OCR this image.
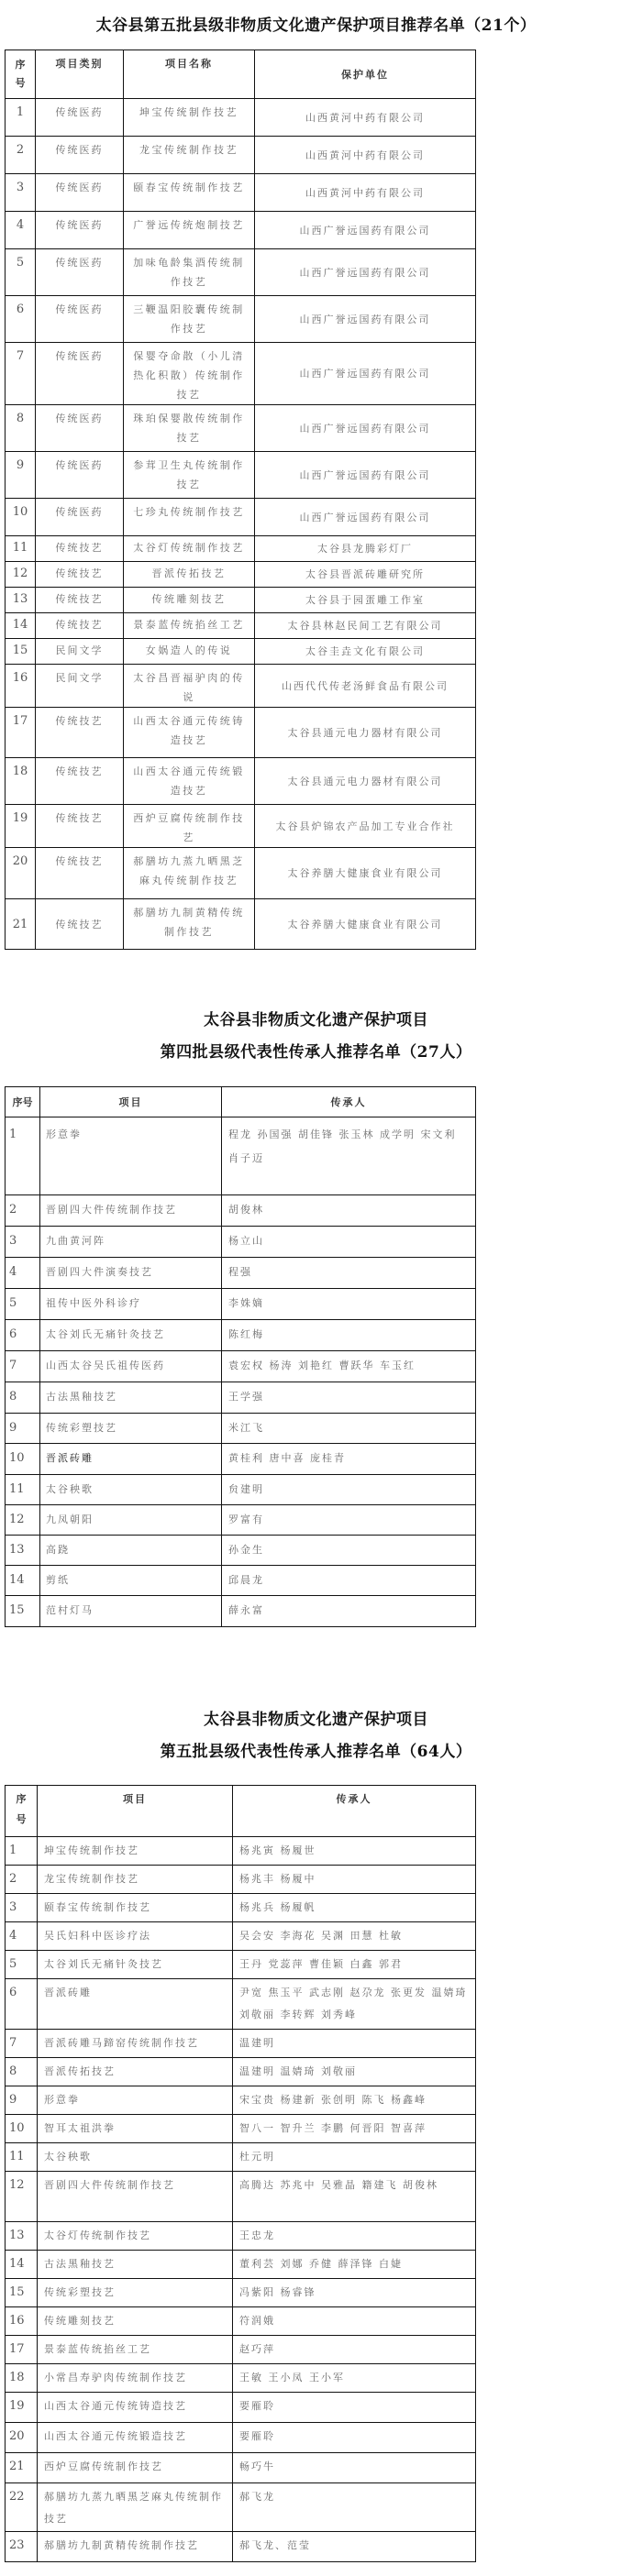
太谷县第五批县级非物质文化遗产保护项目推荐名单（21个）
序号	项目类别	项目名称	保护单位
1	传统医药	坤宝传统制作技艺	山西黄河中药有限公司
2	传统医药	龙宝传统制作技艺	山西黄河中药有限公司
3	传统医药	颐春宝传统制作技艺	山西黄河中药有限公司
4	传统医药	广誉远传统炮制技艺	山西广誉远国药有限公司
5	传统医药	加味龟龄集酒传统制作技艺	山西广誉远国药有限公司
6	传统医药	三鞭温阳胶囊传统制作技艺	山西广誉远国药有限公司
7	传统医药	保婴夺命散（小儿清热化积散）传统制作技艺	山西广誉远国药有限公司
8	传统医药	珠珀保婴散传统制作技艺	山西广誉远国药有限公司
9	传统医药	参茸卫生丸传统制作技艺	山西广誉远国药有限公司
10	传统医药	七珍丸传统制作技艺	山西广誉远国药有限公司
11	传统技艺	太谷灯传统制作技艺	太谷县龙腾彩灯厂
12	传统技艺	晋派传拓技艺	太谷县晋派砖雕研究所
13	传统技艺	传统雕刻技艺	太谷县于园蛋雕工作室
14	传统技艺	景泰蓝传统掐丝工艺	太谷县林赵民间工艺有限公司
15	民间文学	女娲造人的传说	太谷圭垚文化有限公司
16	民间文学	太谷昌晋福驴肉的传说	山西代代传老汤鲜食品有限公司
17	传统技艺	山西太谷通元传统铸造技艺	太谷县通元电力器材有限公司
18	传统技艺	山西太谷通元传统锻造技艺	太谷县通元电力器材有限公司
19	传统技艺	西炉豆腐传统制作技艺	太谷县炉锦农产品加工专业合作社
20	传统技艺	郝膳坊九蒸九晒黑芝麻丸传统制作技艺	太谷养膳大健康食业有限公司
21	传统技艺	郝膳坊九制黄精传统制作技艺	太谷养膳大健康食业有限公司
太谷县非物质文化遗产保护项目
第四批县级代表性传承人推荐名单（27人）
序号	项目	传承人
1	形意拳	程龙 孙国强 胡佳锋 张玉林 成学明 宋文利 肖子迈
2	晋剧四大件传统制作技艺	胡俊林
3	九曲黄河阵	杨立山
4	晋剧四大件演奏技艺	程强
5	祖传中医外科诊疗	李姝嫡
6	太谷刘氏无痛针灸技艺	陈红梅
7	山西太谷吴氏祖传医药	袁宏权 杨涛 刘艳红 曹跃华 车玉红
8	古法黑釉技艺	王学强
9	传统彩塑技艺	米江飞
10	晋派砖雕	黄桂利 唐中喜 庞桂青
11	太谷秧歌	贠建明
12	九凤朝阳	罗富有
13	高跷	孙金生
14	剪纸	邱晨龙
15	范村灯马	薛永富
太谷县非物质文化遗产保护项目
第五批县级代表性传承人推荐名单（64人）
序号	项目	传承人
1	坤宝传统制作技艺	杨兆寅 杨履世
2	龙宝传统制作技艺	杨兆丰 杨履中
3	颐春宝传统制作技艺	杨兆兵 杨履帆
4	吴氏妇科中医诊疗法	吴会安 李海花 吴渊 田慧 杜敏
5	太谷刘氏无痛针灸技艺	王丹 党蕊萍 曹佳颖 白鑫 郭君
6	晋派砖雕	尹宽 焦玉平 武志刚 赵尕龙 张更发 温婧琦 刘敬丽 李转辉 刘秀峰
7	晋派砖雕马蹄窑传统制作技艺	温建明
8	晋派传拓技艺	温建明 温婧琦 刘敬丽
9	形意拳	宋宝贵 杨建新 张创明 陈飞 杨鑫峰
10	智耳太祖洪拳	智八一 智升兰 李鹏 何晋阳 智喜萍
11	太谷秧歌	杜元明
12	晋剧四大件传统制作技艺	高腾达 苏兆中 吴雅晶 籍建飞 胡俊林
13	太谷灯传统制作技艺	王忠龙
14	古法黑釉技艺	董利芸 刘娜 乔健 薛泽锋 白婕
15	传统彩塑技艺	冯紫阳 杨睿锋
16	传统雕刻技艺	符润娥
17	景泰蓝传统掐丝工艺	赵巧萍
18	小常昌寿驴肉传统制作技艺	王敏 王小凤 王小军
19	山西太谷通元传统铸造技艺	要雁聆
20	山西太谷通元传统锻造技艺	要雁聆
21	西炉豆腐传统制作技艺	畅巧牛
22	郝膳坊九蒸九晒黑芝麻丸传统制作技艺	郝飞龙
23	郝膳坊九制黄精传统制作技艺	郝飞龙、范莹
